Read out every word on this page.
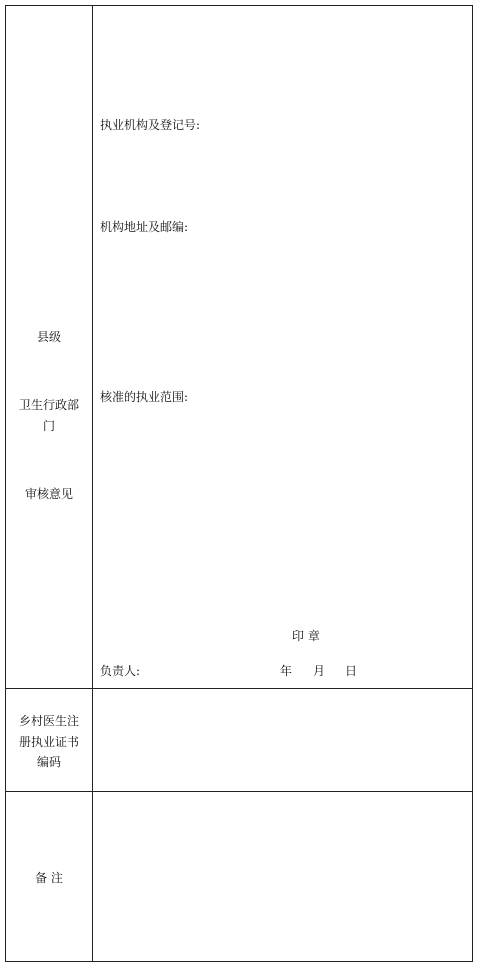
县级
卫生行政部
门
审核意见
执业机构及登记号:
机构地址及邮编:
核准的执业范围:
印 章
负责人:	年 月 日
乡村医生注
册执业证书
编码
备 注
